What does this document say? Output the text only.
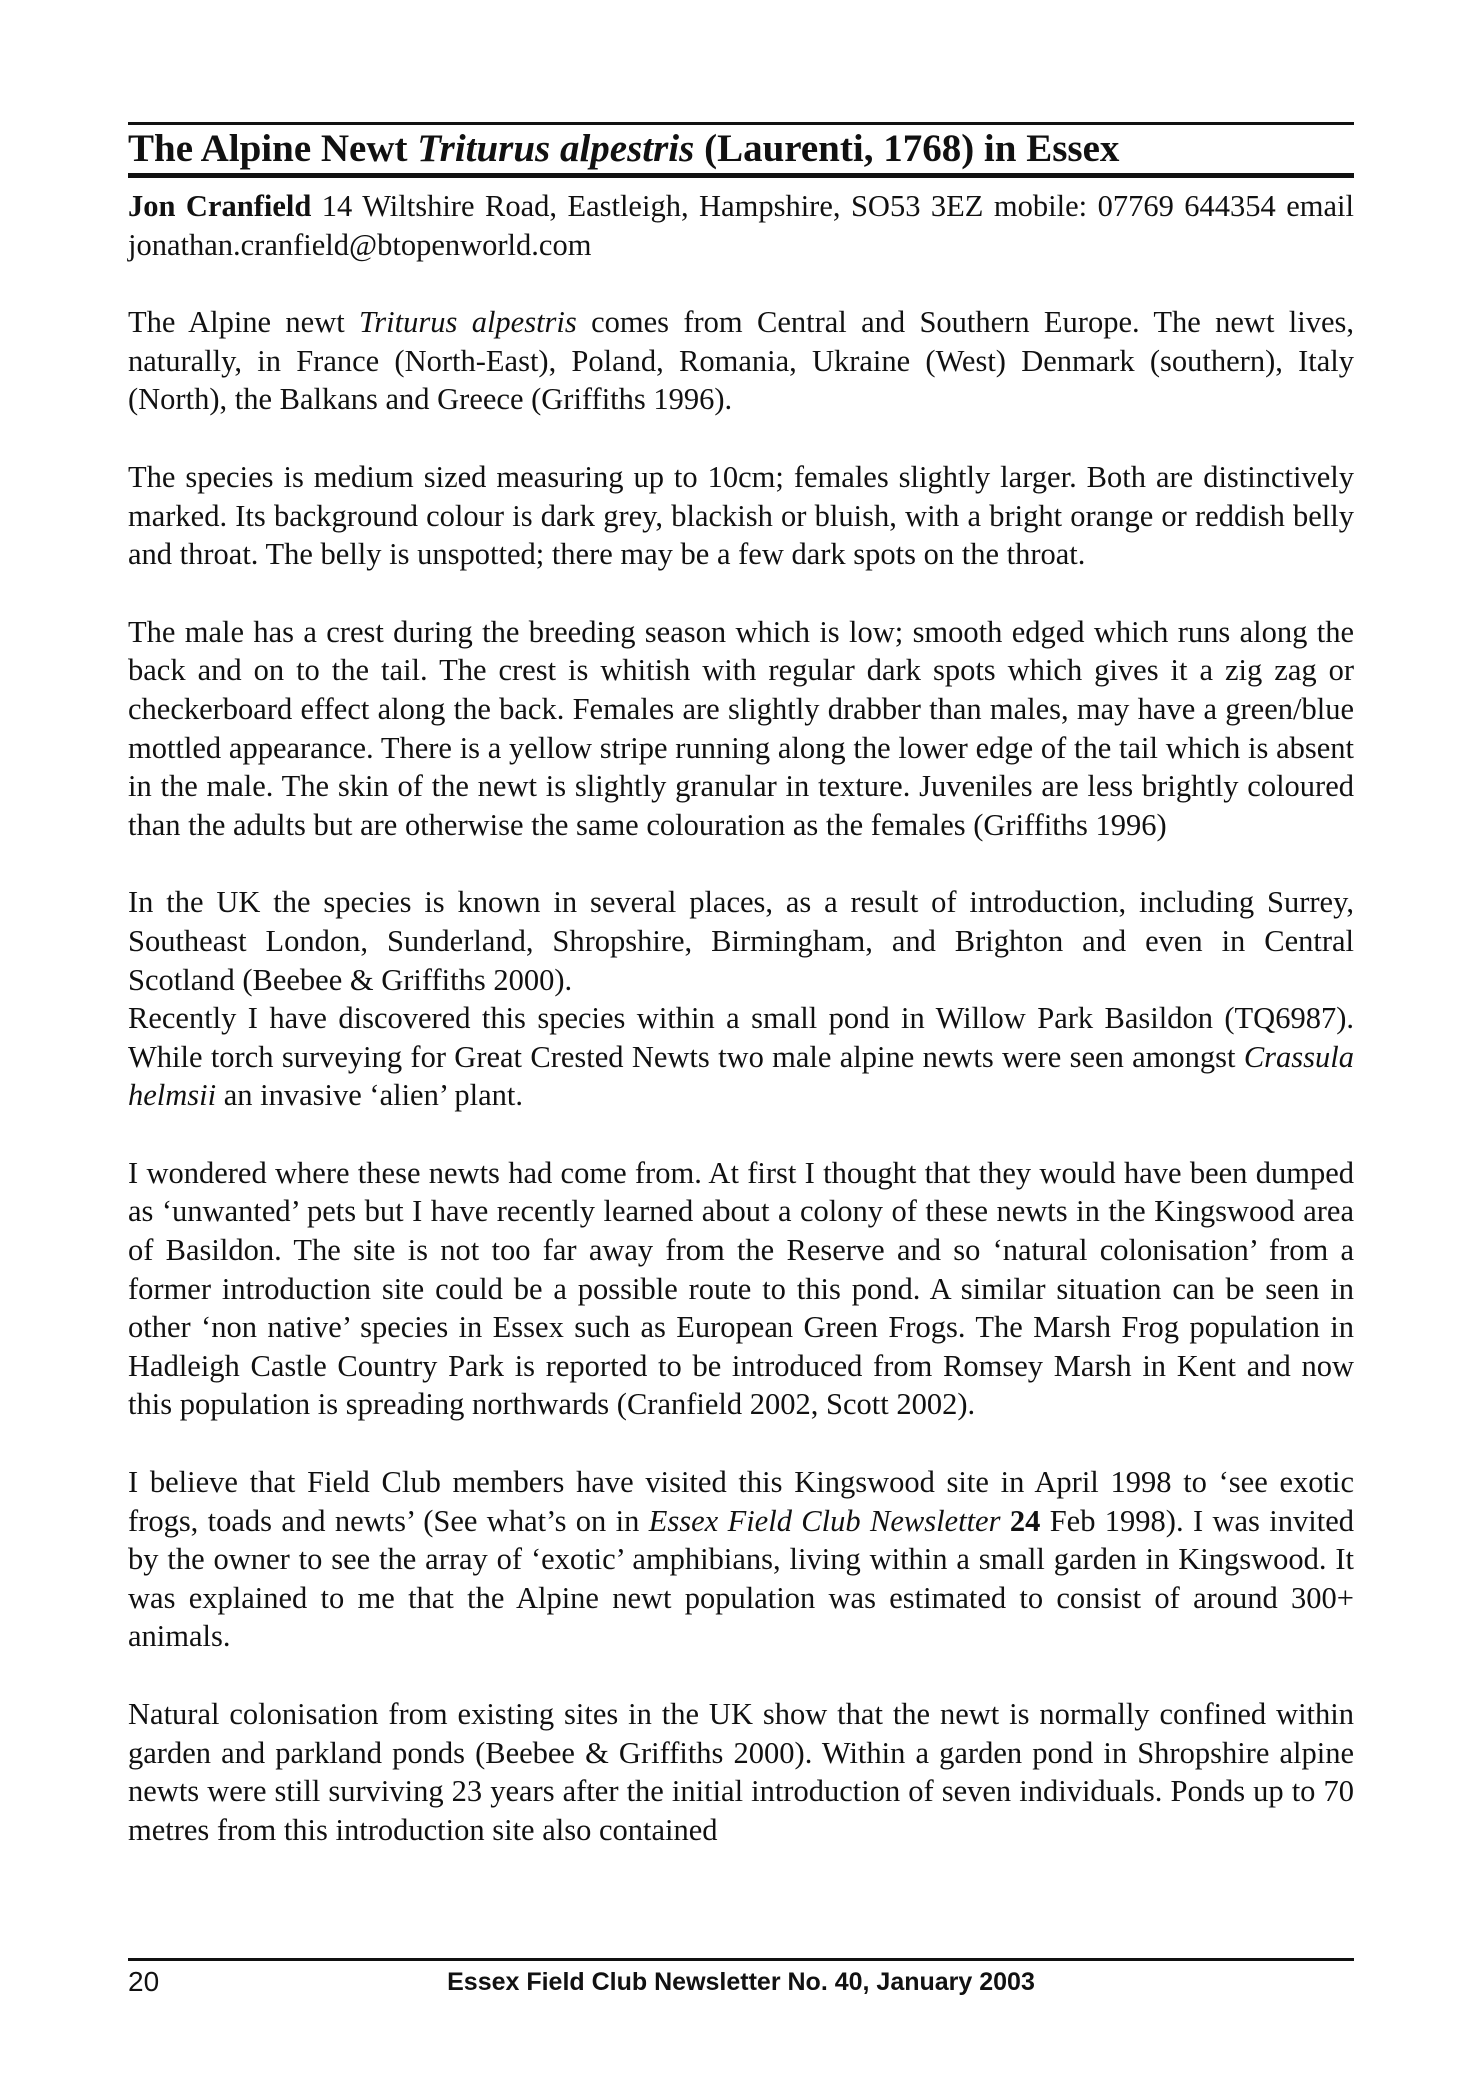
The Alpine Newt Triturus alpestris (Laurenti, 1768) in Essex

Jon Cranfield 14 Wiltshire Road, Eastleigh, Hampshire, SO53 3EZ mobile: 07769 644354 email jonathan.cranfield@btopenworld.com

The Alpine newt Triturus alpestris comes from Central and Southern Europe. The newt lives, naturally, in France (North-East), Poland, Romania, Ukraine (West) Denmark (southern), Italy (North), the Balkans and Greece (Griffiths 1996).

The species is medium sized measuring up to 10cm; females slightly larger. Both are distinctively marked. Its background colour is dark grey, blackish or bluish, with a bright orange or reddish belly and throat. The belly is unspotted; there may be a few dark spots on the throat.

The male has a crest during the breeding season which is low; smooth edged which runs along the back and on to the tail. The crest is whitish with regular dark spots which gives it a zig zag or checkerboard effect along the back. Females are slightly drabber than males, may have a green/blue mottled appearance. There is a yellow stripe running along the lower edge of the tail which is absent in the male. The skin of the newt is slightly granular in texture. Juveniles are less brightly coloured than the adults but are otherwise the same colouration as the females (Griffiths 1996)

In the UK the species is known in several places, as a result of introduction, including Surrey, Southeast London, Sunderland, Shropshire, Birmingham, and Brighton and even in Central Scotland (Beebee & Griffiths 2000).

Recently I have discovered this species within a small pond in Willow Park Basildon (TQ6987). While torch surveying for Great Crested Newts two male alpine newts were seen amongst Crassula helmsii an invasive ‘alien’ plant.

I wondered where these newts had come from. At first I thought that they would have been dumped as ‘unwanted’ pets but I have recently learned about a colony of these newts in the Kingswood area of Basildon. The site is not too far away from the Reserve and so ‘natural colonisation’ from a former introduction site could be a possible route to this pond. A similar situation can be seen in other ‘non native’ species in Essex such as European Green Frogs. The Marsh Frog population in Hadleigh Castle Country Park is reported to be introduced from Romsey Marsh in Kent and now this population is spreading northwards (Cranfield 2002, Scott 2002).

I believe that Field Club members have visited this Kingswood site in April 1998 to ‘see exotic frogs, toads and newts’ (See what’s on in Essex Field Club Newsletter 24 Feb 1998). I was invited by the owner to see the array of ‘exotic’ amphibians, living within a small garden in Kingswood. It was explained to me that the Alpine newt population was estimated to consist of around 300+ animals.

Natural colonisation from existing sites in the UK show that the newt is normally confined within garden and parkland ponds (Beebee & Griffiths 2000). Within a garden pond in Shropshire alpine newts were still surviving 23 years after the initial introduction of seven individuals. Ponds up to 70 metres from this introduction site also contained

20	Essex Field Club Newsletter No. 40, January 2003
